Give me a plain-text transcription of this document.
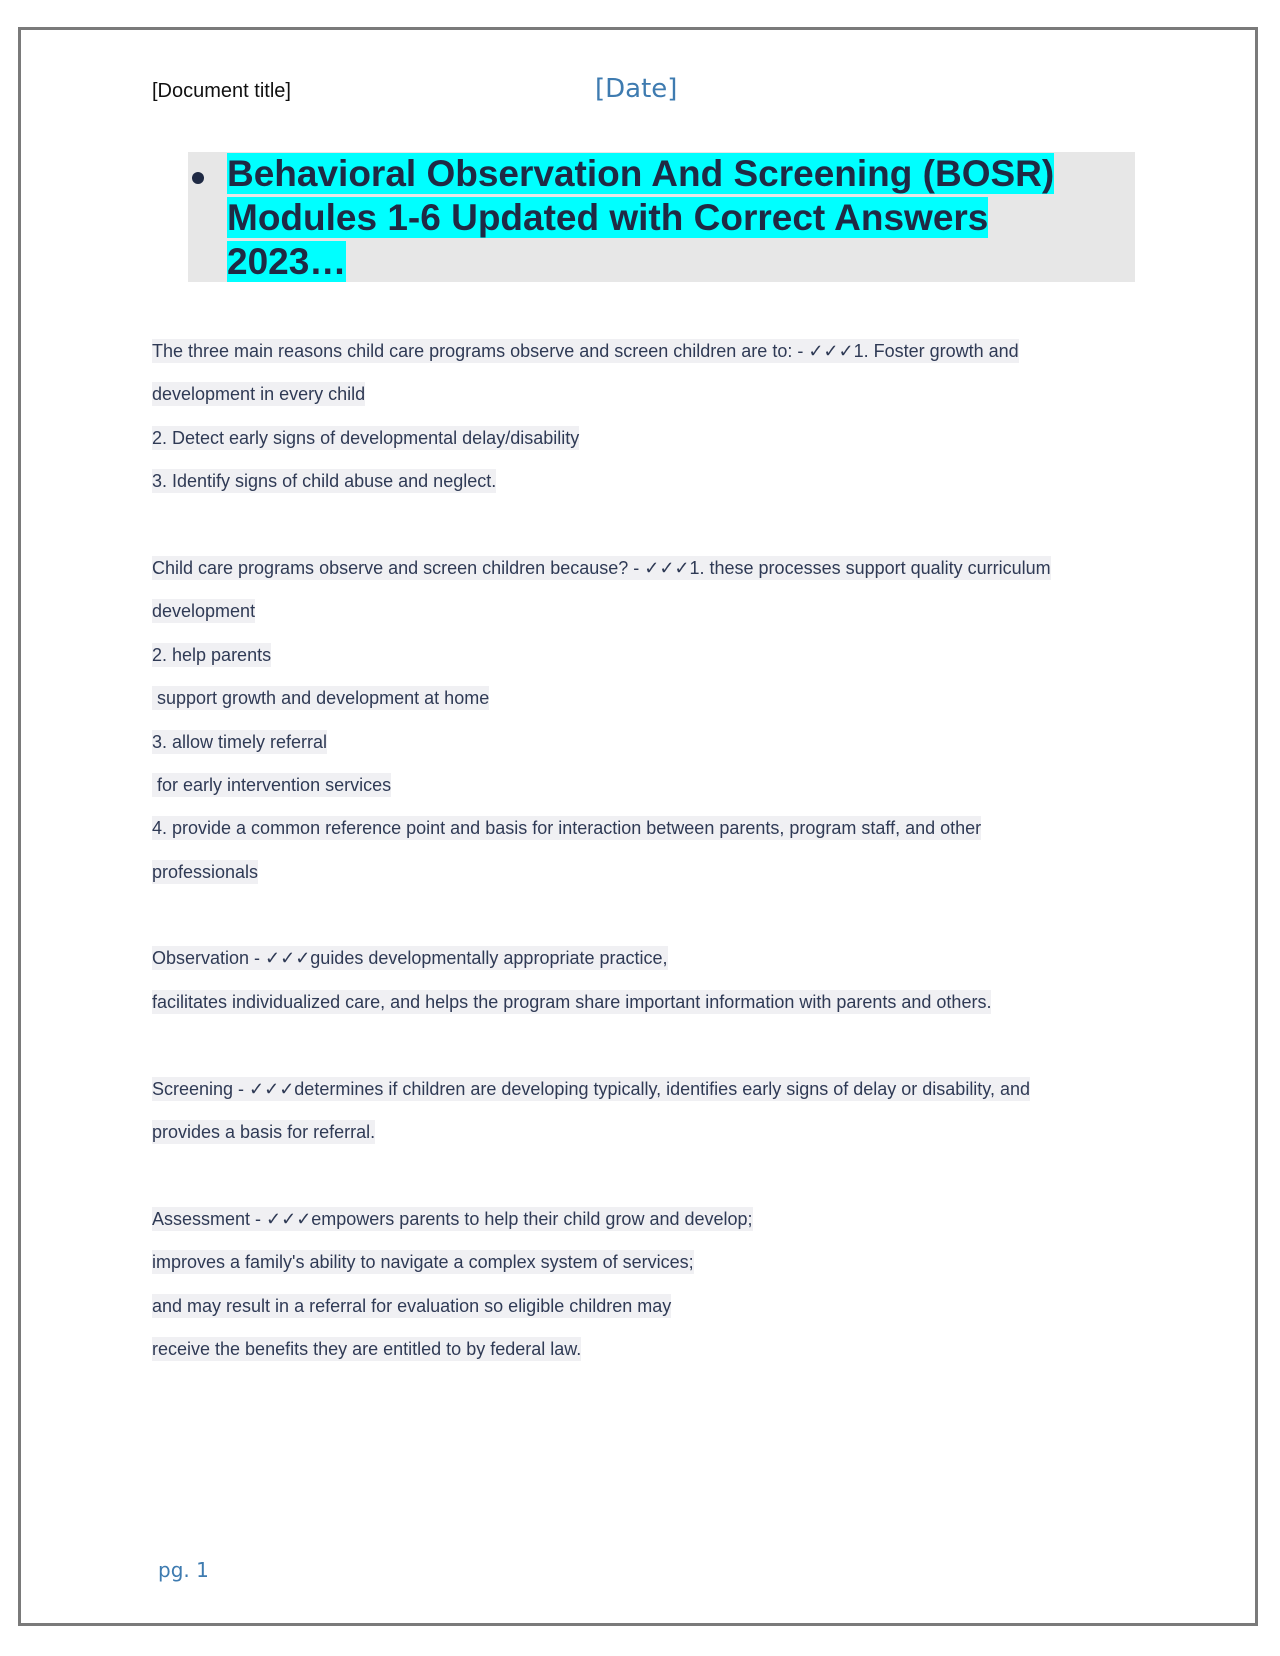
[Document title]	[Date]
Behavioral Observation And Screening (BOSR)
Modules 1-6 Updated with Correct Answers
2023…
The three main reasons child care programs observe and screen children are to: - ✓✓✓1. Foster growth and
development in every child
2. Detect early signs of developmental delay/disability
3. Identify signs of child abuse and neglect.
Child care programs observe and screen children because? - ✓✓✓1. these processes support quality curriculum
development
2. help parents
support growth and development at home
3. allow timely referral
for early intervention services
4. provide a common reference point and basis for interaction between parents, program staff, and other
professionals
Observation - ✓✓✓guides developmentally appropriate practice,
facilitates individualized care, and helps the program share important information with parents and others.
Screening - ✓✓✓determines if children are developing typically, identifies early signs of delay or disability, and
provides a basis for referral.
Assessment - ✓✓✓empowers parents to help their child grow and develop;
improves a family's ability to navigate a complex system of services;
and may result in a referral for evaluation so eligible children may
receive the benefits they are entitled to by federal law.
pg. 1
